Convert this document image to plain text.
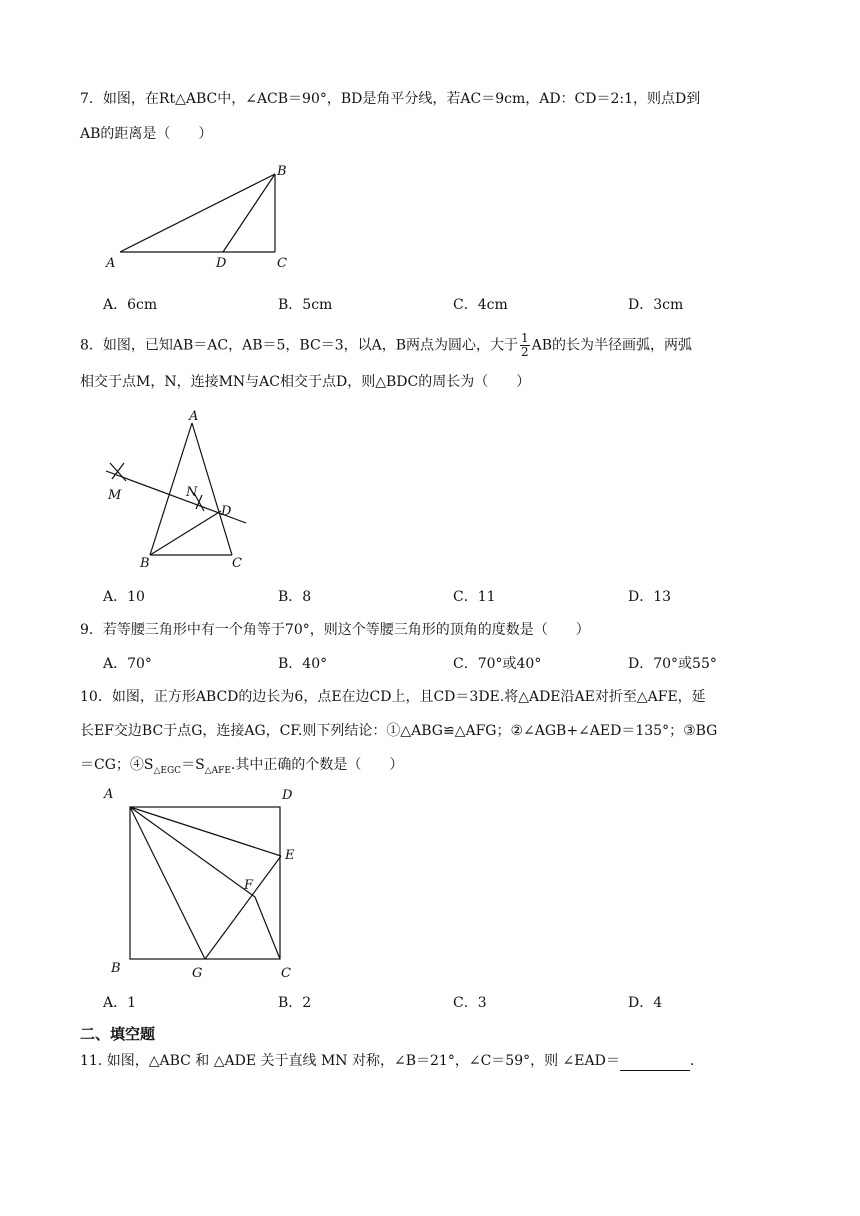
7．如图，在Rt△ABC中，∠ACB＝90°，BD是角平分线，若AC＝9cm，AD：CD＝2:1，则点D到
AB的距离是（　　）
A
B
C
D
A．6cm	B．5cm	C．4cm	D．3cm
8．如图，已知AB＝AC，AB＝5，BC＝3，以A，B两点为圆心，大于 $\frac{1}{2}$ AB的长为半径画弧，两弧
相交于点M，N，连接MN与AC相交于点D，则△BDC的周长为（　　）
A
B	C
D
M	N
A．10	B．8	C．11	D．13
9．若等腰三角形中有一个角等于70°，则这个等腰三角形的顶角的度数是（　　）
A．70°	B．40°	C．70°或40°	D．70°或55°
10．如图，正方形ABCD的边长为6，点E在边CD上，且CD＝3DE.将△ADE沿AE对折至△AFE，延
长EF交边BC于点G，连接AG，CF.则下列结论：①△ABG≌△AFG；②∠AGB+∠AED＝135°；③BG
＝CG；$④S_{\triangle EGC}=S_{\triangle AFE}$.其中正确的个数是（　　）
A	D
E
F
B	G	C
A．1	B．2	C．3	D．4
二、填空题
11. 如图，△ABC 和 △ADE 关于直线 MN 对称，∠B＝21°，∠C＝59°，则 ∠EAD＝	.
